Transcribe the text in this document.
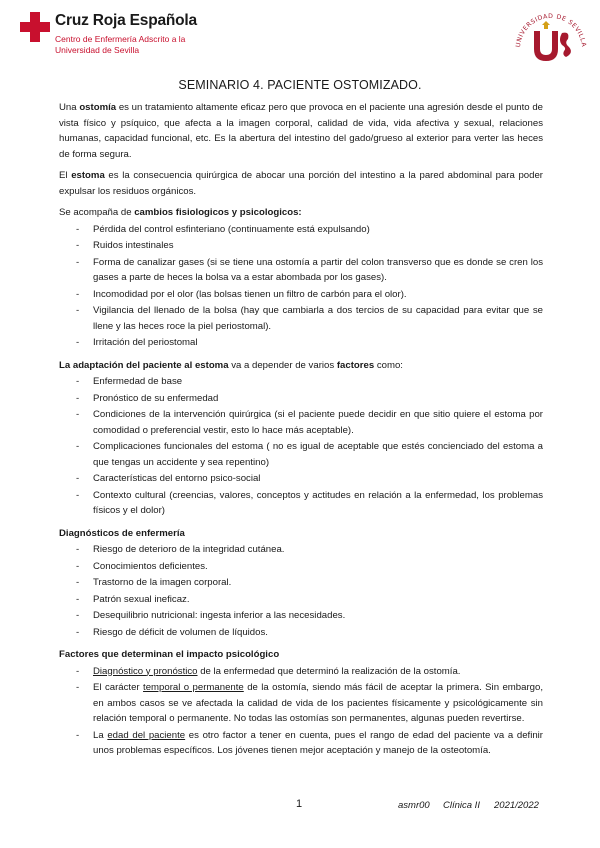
Cruz Roja Española
Centro de Enfermería Adscrito a la
Universidad de Sevilla
UNIVERSIDAD DE SEVILLA
SEMINARIO 4. PACIENTE OSTOMIZADO.

Una ostomía es un tratamiento altamente eficaz pero que provoca en el paciente una agresión desde el punto de vista físico y psíquico, que afecta a la imagen corporal, calidad de vida, vida afectiva y sexual, relaciones humanas, capacidad funcional, etc. Es la abertura del intestino del gado/grueso al exterior para verter las heces de forma segura.

El estoma es la consecuencia quirúrgica de abocar una porción del intestino a la pared abdominal para poder expulsar los residuos orgánicos.

Se acompaña de cambios fisiologicos y psicologicos:

- Pérdida del control esfinteriano (continuamente está expulsando)
- Ruidos intestinales
- Forma de canalizar gases (si se tiene una ostomía a partir del colon transverso que es donde se cren los gases a parte de heces la bolsa va a estar abombada por los gases).
- Incomodidad por el olor (las bolsas tienen un filtro de carbón para el olor).
- Vigilancia del llenado de la bolsa (hay que cambiarla a dos tercios de su capacidad para evitar que se llene y las heces roce la piel periostomal).
- Irritación del periostomal

La adaptación del paciente al estoma va a depender de varios factores como:

- Enfermedad de base
- Pronóstico de su enfermedad
- Condiciones de la intervención quirúrgica (si el paciente puede decidir en que sitio quiere el estoma por comodidad o preferencial vestir, esto lo hace más aceptable).
- Complicaciones funcionales del estoma ( no es igual de aceptable que estés concienciado del estoma a que tengas un accidente y sea repentino)
- Características del entorno psico-social
- Contexto cultural (creencias, valores, conceptos y actitudes en relación a la enfermedad, los problemas físicos y el dolor)

Diagnósticos de enfermería

- Riesgo de deterioro de la integridad cutánea.
- Conocimientos deficientes.
- Trastorno de la imagen corporal.
- Patrón sexual ineficaz.
- Desequilibrio nutricional: ingesta inferior a las necesidades.
- Riesgo de déficit de volumen de líquidos.

Factores que determinan el impacto psicológico

- Diagnóstico y pronóstico de la enfermedad que determinó la realización de la ostomía.
- El carácter temporal o permanente de la ostomía, siendo más fácil de aceptar la primera. Sin embargo, en ambos casos se ve afectada la calidad de vida de los pacientes físicamente y psicológicamente sin relación temporal o permanente. No todas las ostomías son permanentes, algunas pueden revertirse.
- La edad del paciente es otro factor a tener en cuenta, pues el rango de edad del paciente va a definir unos problemas específicos. Los jóvenes tienen mejor aceptación y manejo de la osteotomía.
1	asmr00 Clínica II 2021/2022
